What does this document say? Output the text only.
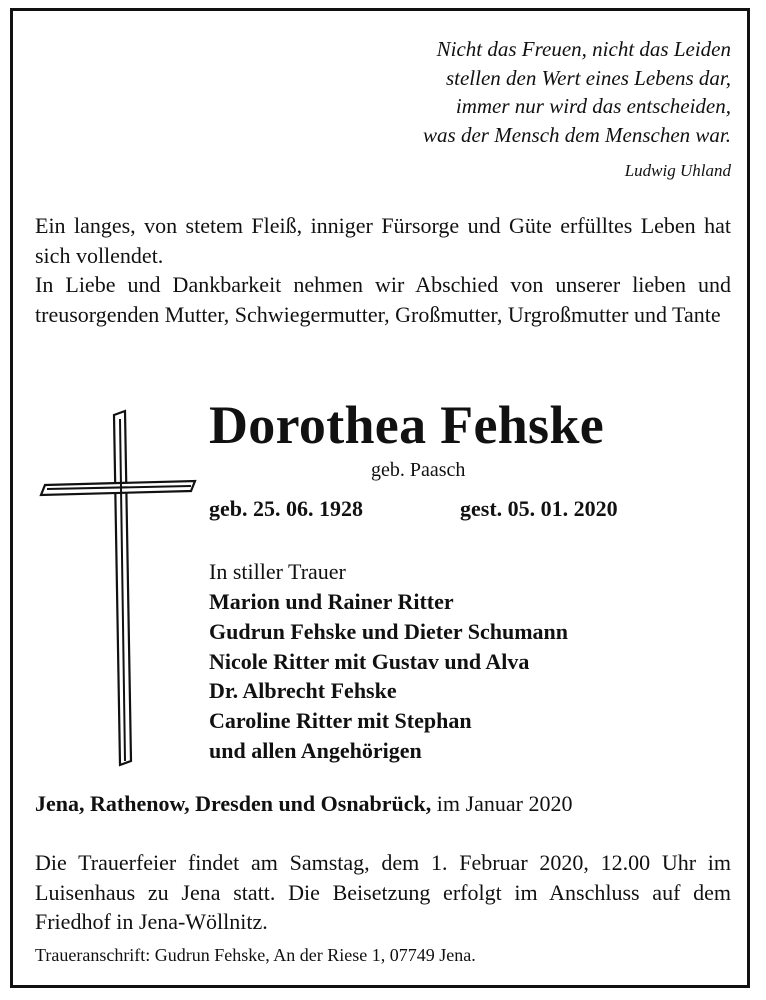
Nicht das Freuen, nicht das Leiden
stellen den Wert eines Lebens dar,
immer nur wird das entscheiden,
was der Mensch dem Menschen war.
Ludwig Uhland

Ein langes, von stetem Fleiß, inniger Fürsorge und Güte erfülltes Leben hat sich vollendet.

In Liebe und Dankbarkeit nehmen wir Abschied von unserer lieben und treusorgenden Mutter, Schwiegermutter, Großmutter, Urgroßmutter und Tante

Dorothea Fehske
geb. Paasch
geb. 25. 06. 1928	gest. 05. 01. 2020
In stiller Trauer
Marion und Rainer Ritter
Gudrun Fehske und Dieter Schumann
Nicole Ritter mit Gustav und Alva
Dr. Albrecht Fehske
Caroline Ritter mit Stephan
und allen Angehörigen
Jena, Rathenow, Dresden und Osnabrück, im Januar 2020
Die Trauerfeier findet am Samstag, dem 1. Februar 2020, 12.00 Uhr im Luisenhaus zu Jena statt. Die Beisetzung erfolgt im Anschluss auf dem Friedhof in Jena-Wöllnitz.
Traueranschrift: Gudrun Fehske, An der Riese 1, 07749 Jena.
